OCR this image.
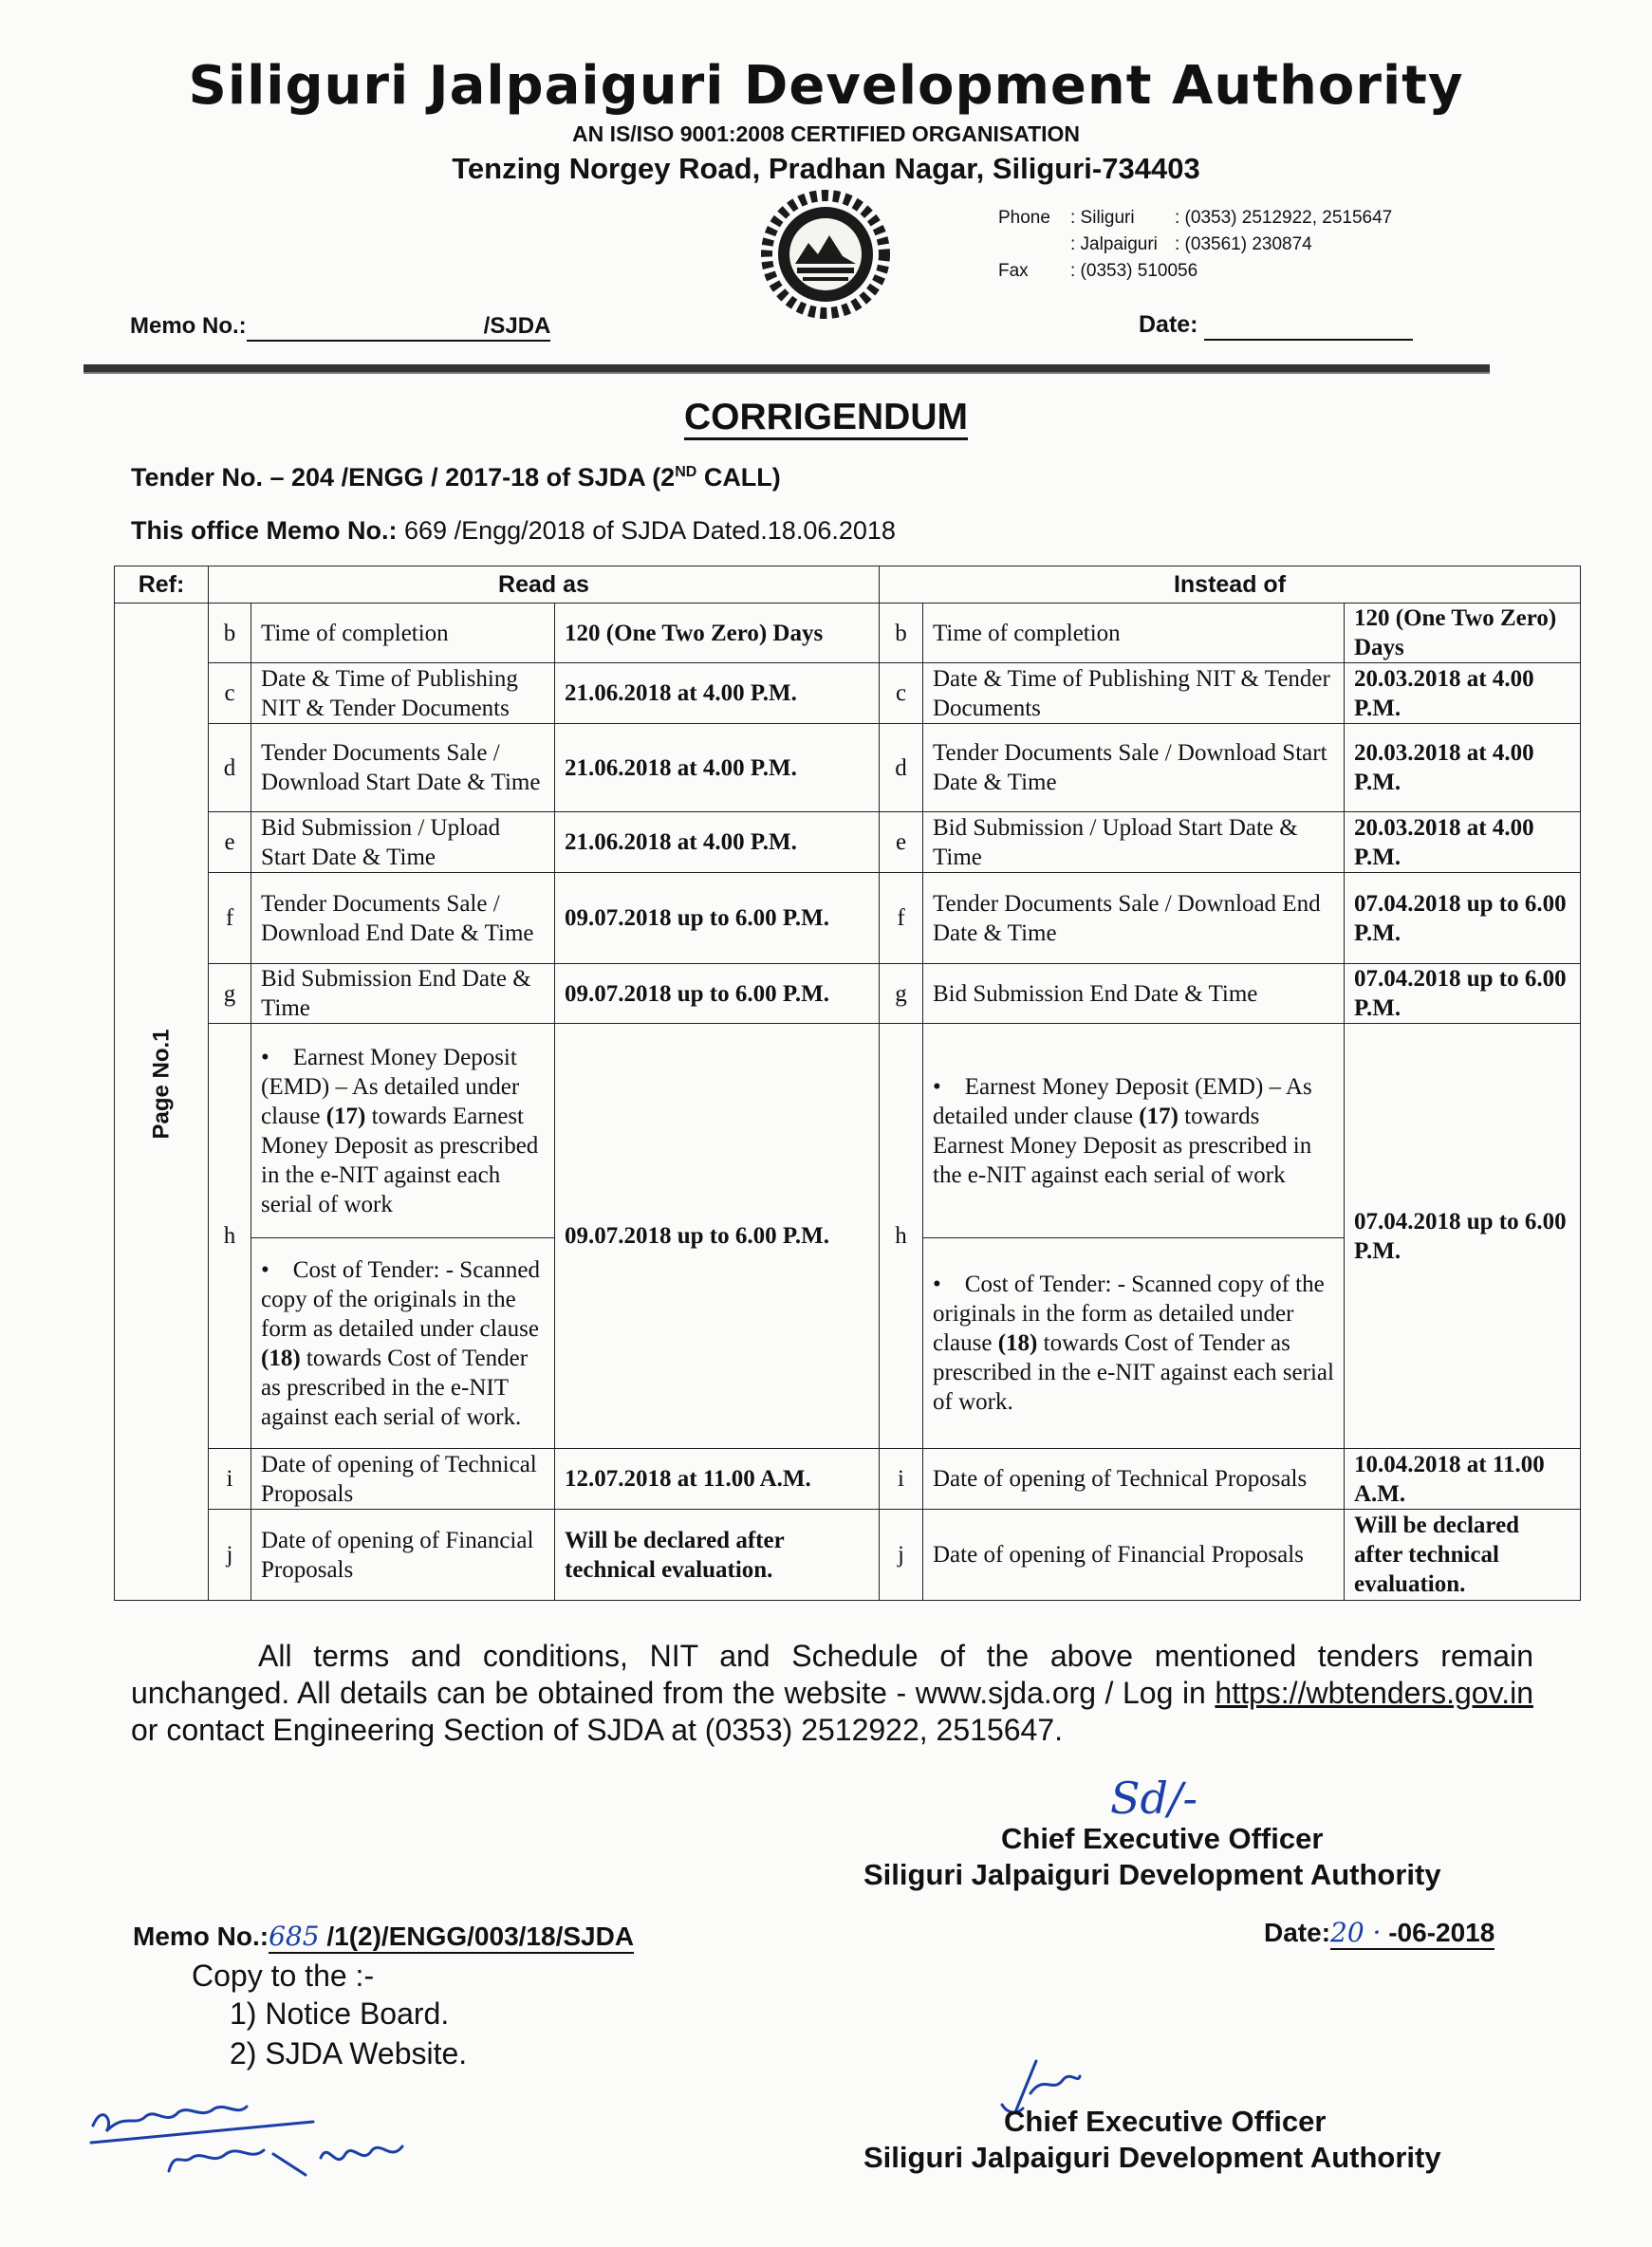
Siliguri Jalpaiguri Development Authority
AN IS/ISO 9001:2008 CERTIFIED ORGANISATION
Tenzing Norgey Road, Pradhan Nagar, Siliguri-734403
Phone : Siliguri : (0353) 2512922, 2515647
: Jalpaiguri : (03561) 230874
Fax : (0353) 510056
Memo No.:	/SJDA	Date:
CORRIGENDUM
Tender No. – 204 /ENGG / 2017-18 of SJDA (2ND CALL)
This office Memo No.: 669 /Engg/2018 of SJDA Dated.18.06.2018
Ref:	Read as			Instead of		

Page No.1	b	Time of completion	120 (One Two Zero) Days	b	Time of completion	120 (One Two Zero) Days
	c	Date & Time of Publishing NIT & Tender Documents	21.06.2018 at 4.00 P.M.	c	Date & Time of Publishing NIT & Tender Documents	20.03.2018 at 4.00 P.M.
	d	Tender Documents Sale / Download Start Date & Time	21.06.2018 at 4.00 P.M.	d	Tender Documents Sale / Download Start Date & Time	20.03.2018 at 4.00 P.M.
	e	Bid Submission / Upload Start Date & Time	21.06.2018 at 4.00 P.M.	e	Bid Submission / Upload Start Date & Time	20.03.2018 at 4.00 P.M.
	f	Tender Documents Sale / Download End Date & Time	09.07.2018 up to 6.00 P.M.	f	Tender Documents Sale / Download End Date & Time	07.04.2018 up to 6.00 P.M.
	g	Bid Submission End Date & Time	09.07.2018 up to 6.00 P.M.	g	Bid Submission End Date & Time	07.04.2018 up to 6.00 P.M.
	h	•    Earnest Money Deposit (EMD) – As detailed under clause (17) towards Earnest Money Deposit as prescribed in the e-NIT against each serial of work	09.07.2018 up to 6.00 P.M.	h	•    Earnest Money Deposit (EMD) – As detailed under clause (17) towards Earnest Money Deposit as prescribed in the e-NIT against each serial of work	07.04.2018 up to 6.00 P.M.
•    Cost of Tender: - Scanned copy of the originals in the form as detailed under clause (18) towards Cost of Tender as prescribed in the e-NIT against each serial of work.	•    Cost of Tender: - Scanned copy of the originals in the form as detailed under clause (18) towards Cost of Tender as prescribed in the e-NIT against each serial of work.
	i	Date of opening of Technical Proposals	12.07.2018 at 11.00 A.M.	i	Date of opening of Technical Proposals	10.04.2018 at 11.00 A.M.
	j	Date of opening of Financial Proposals	Will be declared after technical evaluation.	j	Date of opening of Financial Proposals	Will be declared after technical evaluation.
All terms and conditions, NIT and Schedule of the above mentioned tenders remain unchanged. All details can be obtained from the website - www.sjda.org / Log in https://wbtenders.gov.in or contact Engineering Section of SJDA at (0353) 2512922, 2515647.
Sd/-
Chief Executive Officer
Siliguri Jalpaiguri Development Authority
Memo No.:685 /1(2)/ENGG/003/18/SJDA	Date:20 · -06-2018
Copy to the :-
1) Notice Board.
2) SJDA Website.
Chief Executive Officer
Siliguri Jalpaiguri Development Authority
